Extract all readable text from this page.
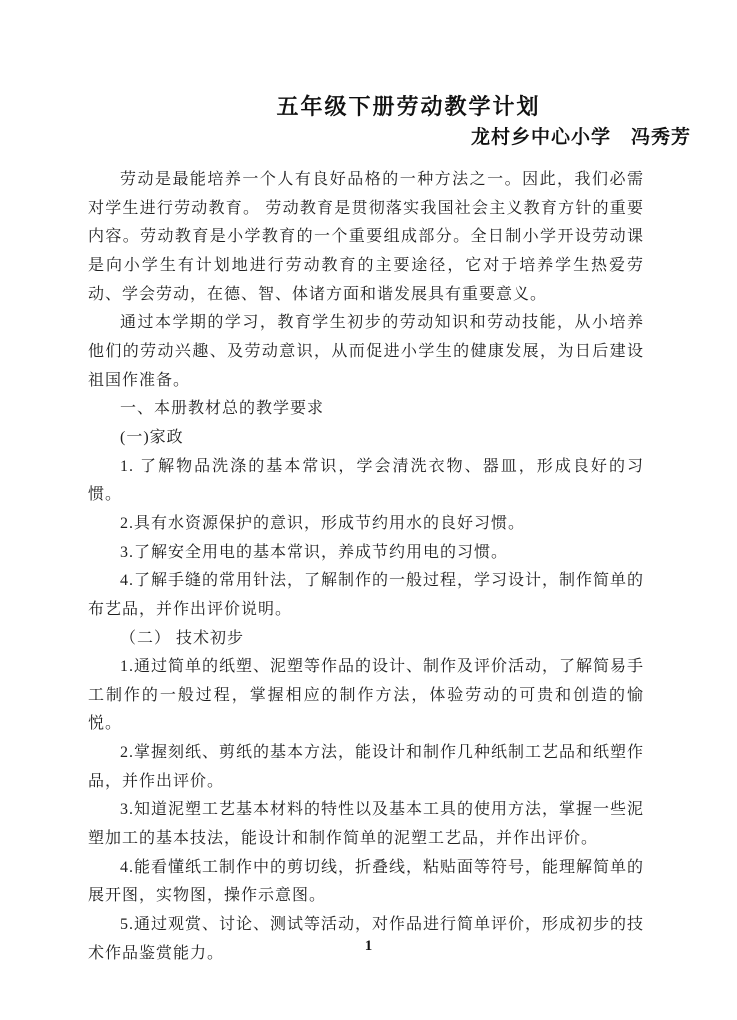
五年级下册劳动教学计划
龙村乡中心小学　冯秀芳

劳动是最能培养一个人有良好品格的一种方法之一。因此，我们必需对学生进行劳动教育。 劳动教育是贯彻落实我国社会主义教育方针的重要内容。劳动教育是小学教育的一个重要组成部分。全日制小学开设劳动课是向小学生有计划地进行劳动教育的主要途径，它对于培养学生热爱劳动、学会劳动，在德、智、体诸方面和谐发展具有重要意义。

通过本学期的学习，教育学生初步的劳动知识和劳动技能，从小培养他们的劳动兴趣、及劳动意识，从而促进小学生的健康发展，为日后建设祖国作准备。

一、本册教材总的教学要求

(一)家政

1. 了解物品洗涤的基本常识，学会清洗衣物、器皿，形成良好的习惯。

2.具有水资源保护的意识，形成节约用水的良好习惯。

3.了解安全用电的基本常识，养成节约用电的习惯。

4.了解手缝的常用针法，了解制作的一般过程，学习设计，制作简单的布艺品，并作出评价说明。

（二） 技术初步

1.通过简单的纸塑、泥塑等作品的设计、制作及评价活动，了解简易手工制作的一般过程，掌握相应的制作方法，体验劳动的可贵和创造的愉悦。

2.掌握刻纸、剪纸的基本方法，能设计和制作几种纸制工艺品和纸塑作品，并作出评价。

3.知道泥塑工艺基本材料的特性以及基本工具的使用方法，掌握一些泥塑加工的基本技法，能设计和制作简单的泥塑工艺品，并作出评价。

4.能看懂纸工制作中的剪切线，折叠线，粘贴面等符号，能理解简单的展开图，实物图，操作示意图。

5.通过观赏、讨论、测试等活动，对作品进行简单评价，形成初步的技术作品鉴赏能力。	1
